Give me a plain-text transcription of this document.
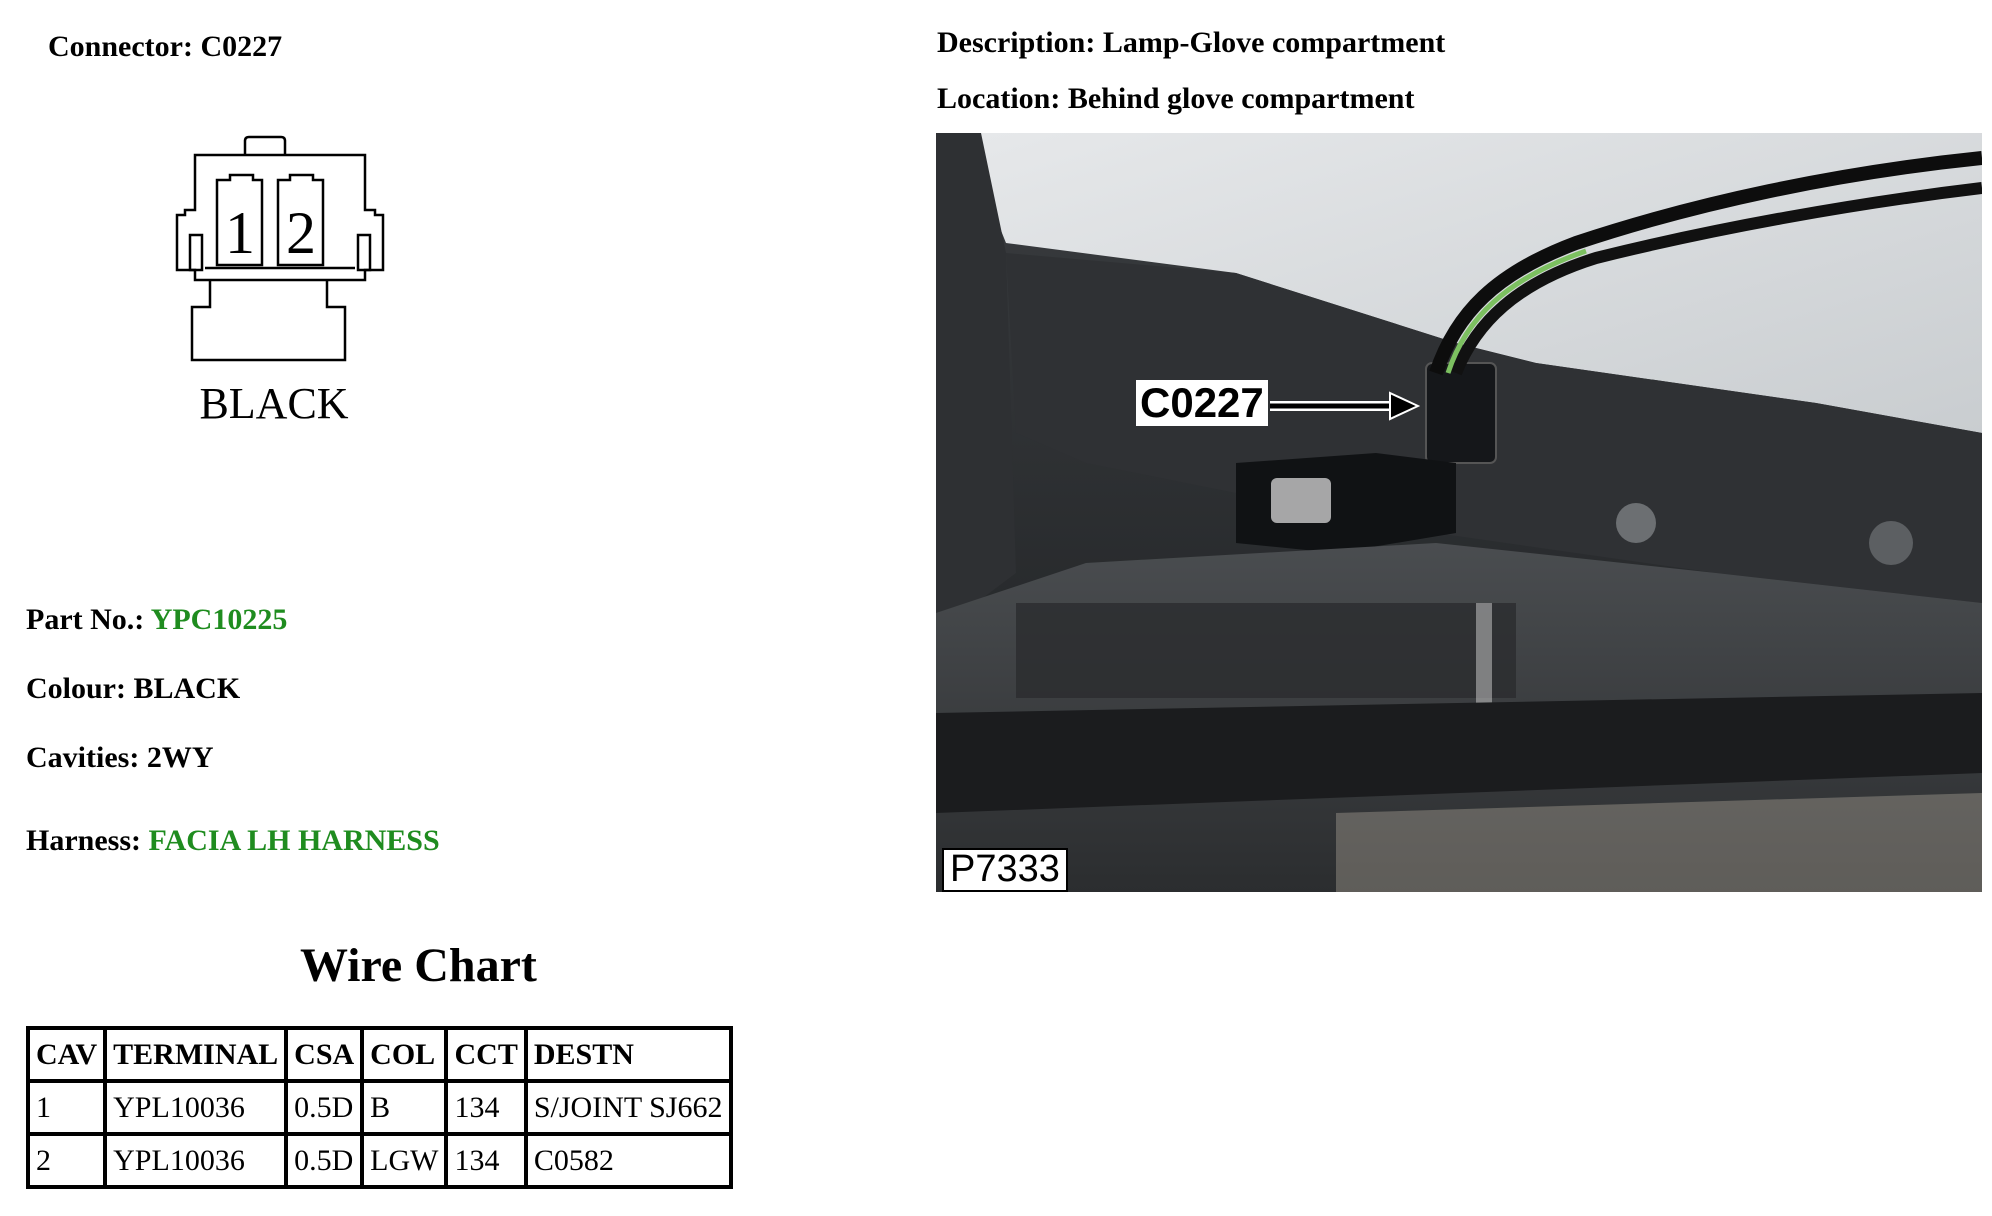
Connector: C0227
1 2
BLACK
Part No.: YPC10225
Colour: BLACK
Cavities: 2WY
Harness: FACIA LH HARNESS
Wire Chart
CAV	TERMINAL	CSA	COL	CCT	DESTN
1	YPL10036	0.5D	B	134	S/JOINT SJ662
2	YPL10036	0.5D	LGW	134	C0582
Description: Lamp-Glove compartment
Location: Behind glove compartment
C0227
P7333
